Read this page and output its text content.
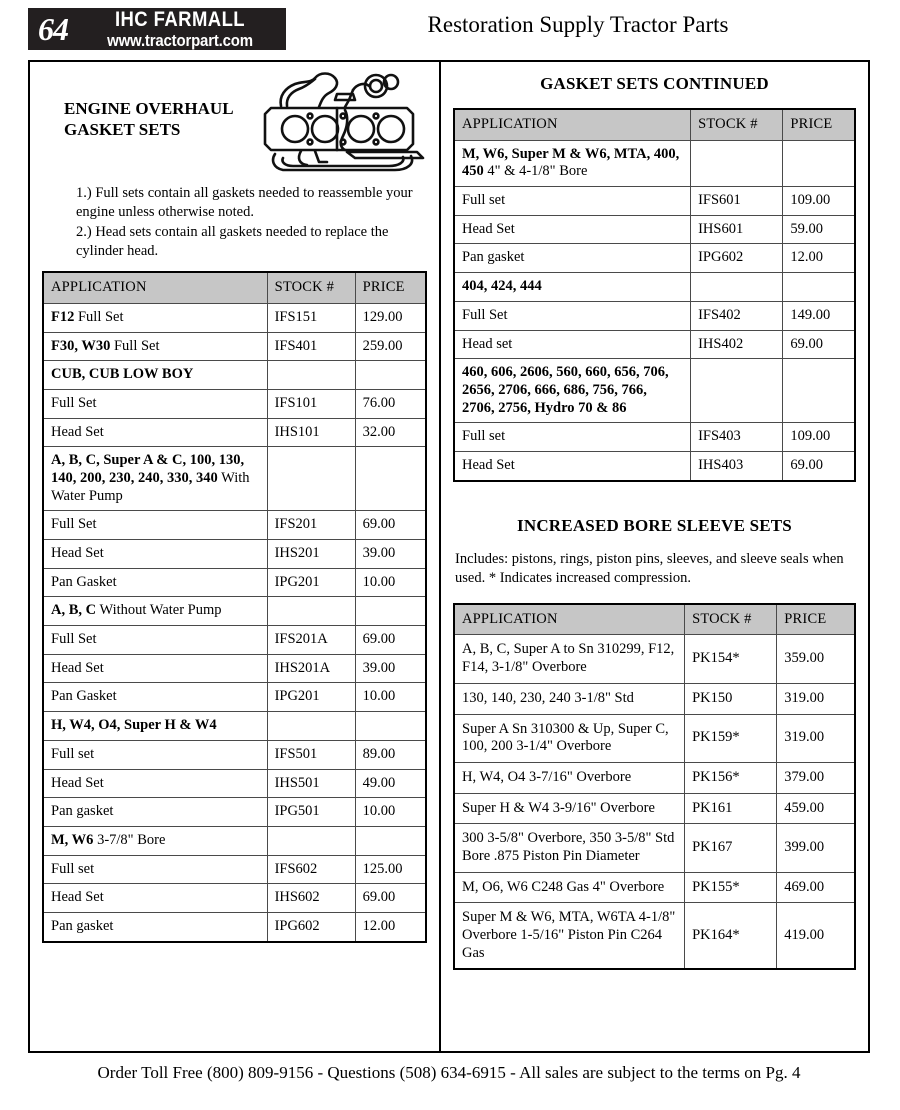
64	IHC FARMALL
www.tractorpart.com
Restoration Supply Tractor Parts
ENGINE OVERHAUL
GASKET SETS

1.) Full sets contain all gaskets needed to reassemble your engine unless otherwise noted.

2.) Head sets contain all gaskets needed to replace the cylinder head.

APPLICATION	STOCK #	PRICE
F12 Full Set	IFS151	129.00
F30, W30 Full Set	IFS401	259.00
CUB, CUB LOW BOY		
Full Set	IFS101	76.00
Head Set	IHS101	32.00
A, B, C, Super A & C, 100, 130, 140, 200, 230, 240, 330, 340 With Water Pump		
Full Set	IFS201	69.00
Head Set	IHS201	39.00
Pan Gasket	IPG201	10.00
A, B, C Without Water Pump		
Full Set	IFS201A	69.00
Head Set	IHS201A	39.00
Pan Gasket	IPG201	10.00
H, W4, O4, Super H & W4		
Full set	IFS501	89.00
Head Set	IHS501	49.00
Pan gasket	IPG501	10.00
M, W6 3-7/8" Bore		
Full set	IFS602	125.00
Head Set	IHS602	69.00
Pan gasket	IPG602	12.00
GASKET SETS CONTINUED
APPLICATION	STOCK #	PRICE
M, W6, Super M & W6, MTA, 400, 450 4" & 4-1/8" Bore		
Full set	IFS601	109.00
Head Set	IHS601	59.00
Pan gasket	IPG602	12.00
404, 424, 444		
Full Set	IFS402	149.00
Head set	IHS402	69.00
460, 606, 2606, 560, 660, 656, 706, 2656, 2706, 666, 686, 756, 766, 2706, 2756, Hydro 70 & 86		
Full set	IFS403	109.00
Head Set	IHS403	69.00
INCREASED BORE SLEEVE SETS

Includes: pistons, rings, piston pins, sleeves, and sleeve seals when used. * Indicates increased compression.

APPLICATION	STOCK #	PRICE
A, B, C, Super A to Sn 310299, F12, F14, 3-1/8" Overbore	PK154*	359.00
130, 140, 230, 240 3-1/8" Std	PK150	319.00
Super A Sn 310300 & Up, Super C, 100, 200 3-1/4" Overbore	PK159*	319.00
H, W4, O4 3-7/16" Overbore	PK156*	379.00
Super H & W4 3-9/16" Overbore	PK161	459.00
300 3-5/8" Overbore, 350 3-5/8" Std Bore .875 Piston Pin Diameter	PK167	399.00
M, O6, W6 C248 Gas 4" Overbore	PK155*	469.00
Super M & W6, MTA, W6TA 4-1/8" Overbore 1-5/16" Piston Pin C264 Gas	PK164*	419.00
Order Toll Free (800) 809-9156 - Questions (508) 634-6915 - All sales are subject to the terms on Pg. 4
